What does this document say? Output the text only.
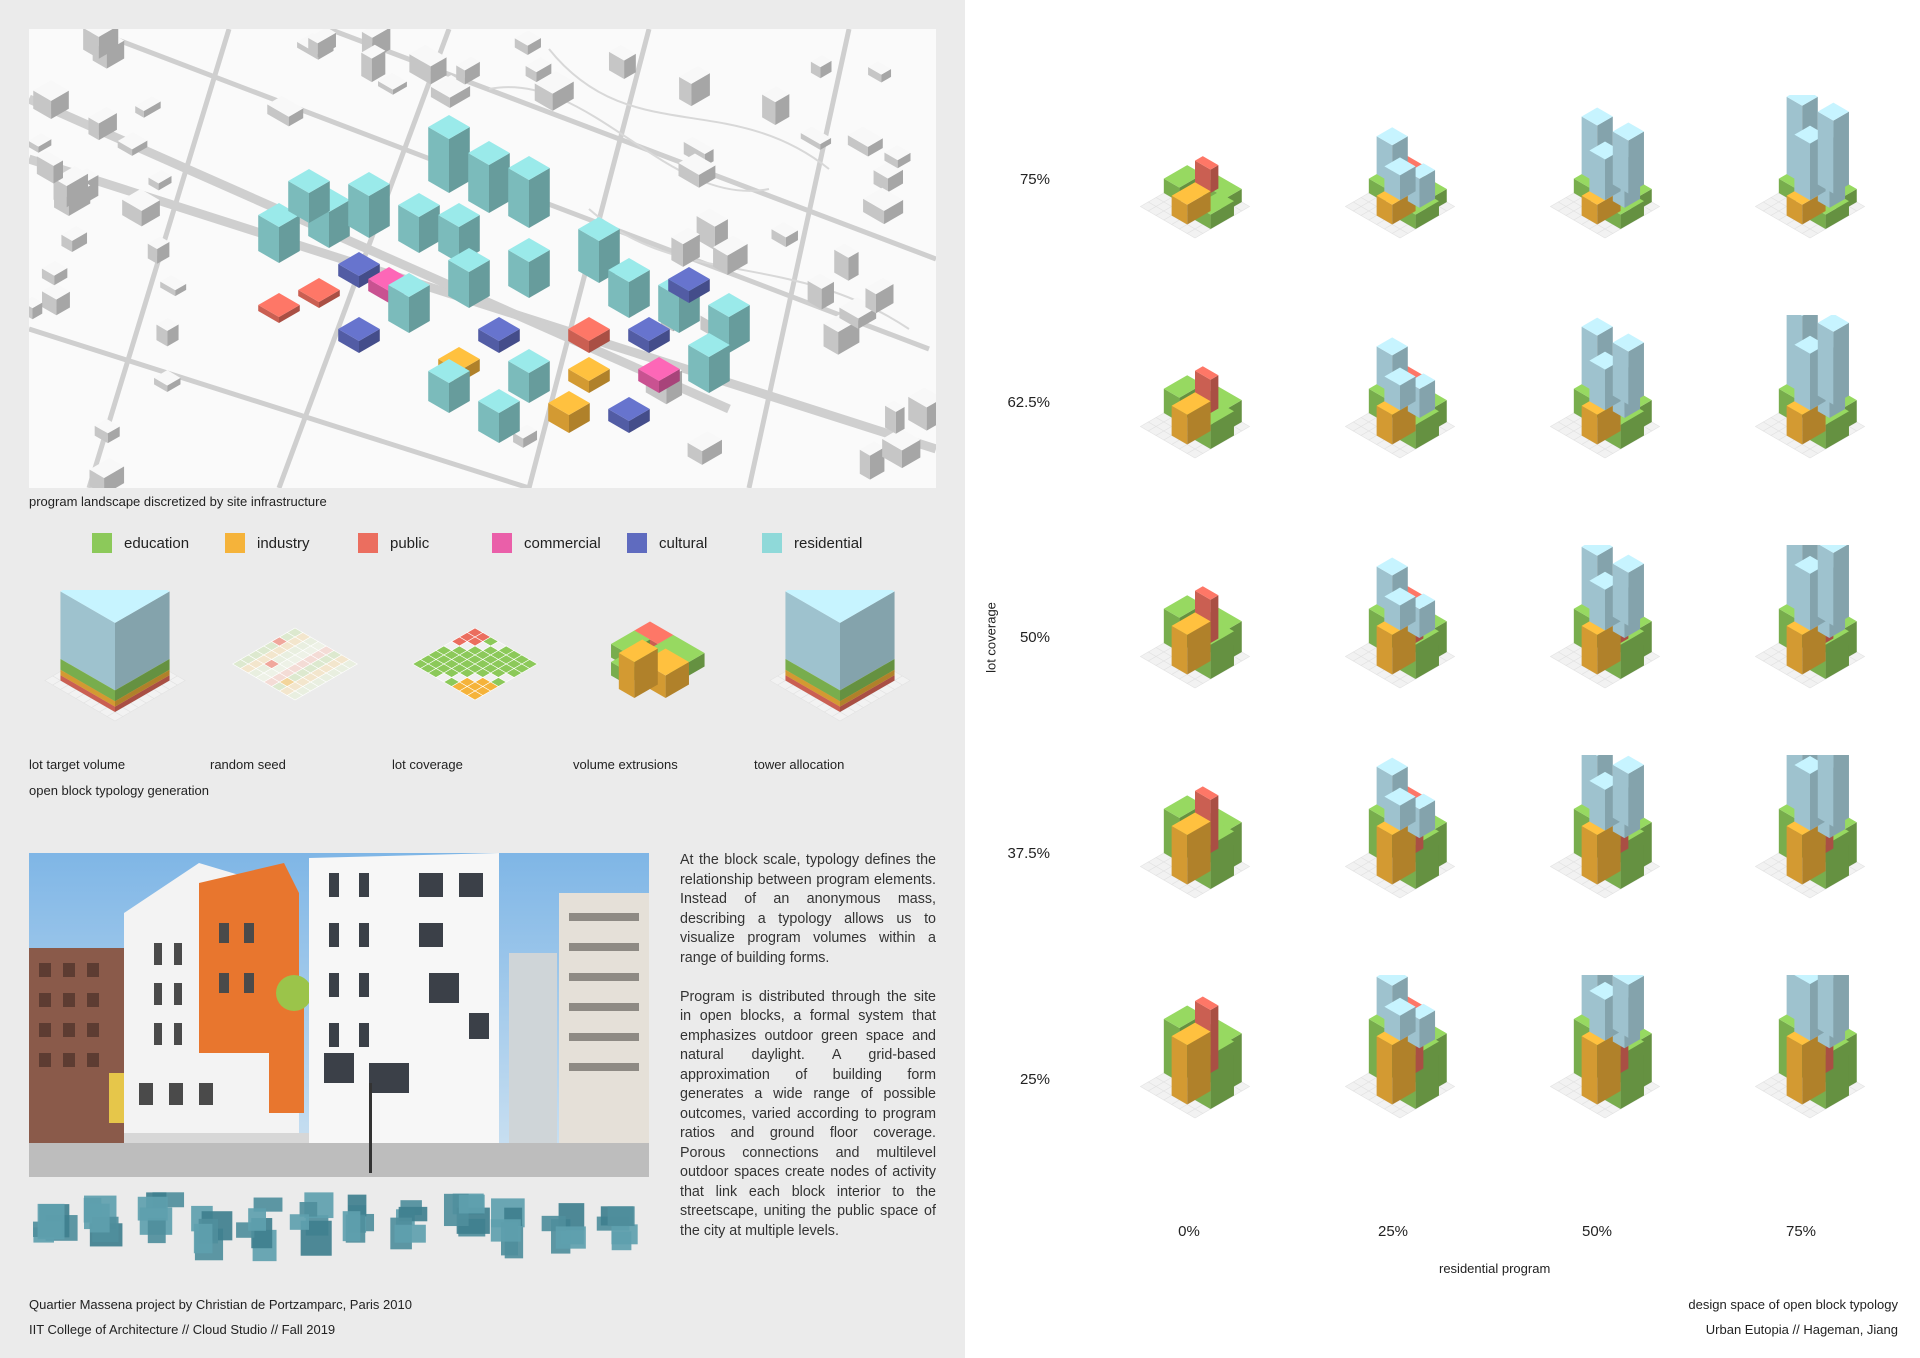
program landscape discretized by site infrastructure
education	industry	public	commercial	cultural	residential
lot target volume	random seed	lot coverage	volume extrusions	tower allocation
open block typology generation

At the block scale, typology defines the relationship between program elements. Instead of an anonymous mass, describing a typology allows us to visualize program volumes within a range of building forms.

Program is distributed through the site in open blocks, a formal system that emphasizes outdoor green space and natural daylight. A grid-based approximation of building form generates a wide range of possible outcomes, varied according to program ratios and ground floor coverage. Porous connections and multilevel outdoor spaces create nodes of activity that link each block interior to the streetscape, uniting the public space of the city at multiple levels.

Quartier Massena project by Christian de Portzamparc, Paris 2010
IIT College of Architecture // Cloud Studio // Fall 2019
75%
62.5%
50%
37.5%
25%
lot coverage
0%	25%	50%	75%
residential program
design space of open block typology
Urban Eutopia // Hageman, Jiang
